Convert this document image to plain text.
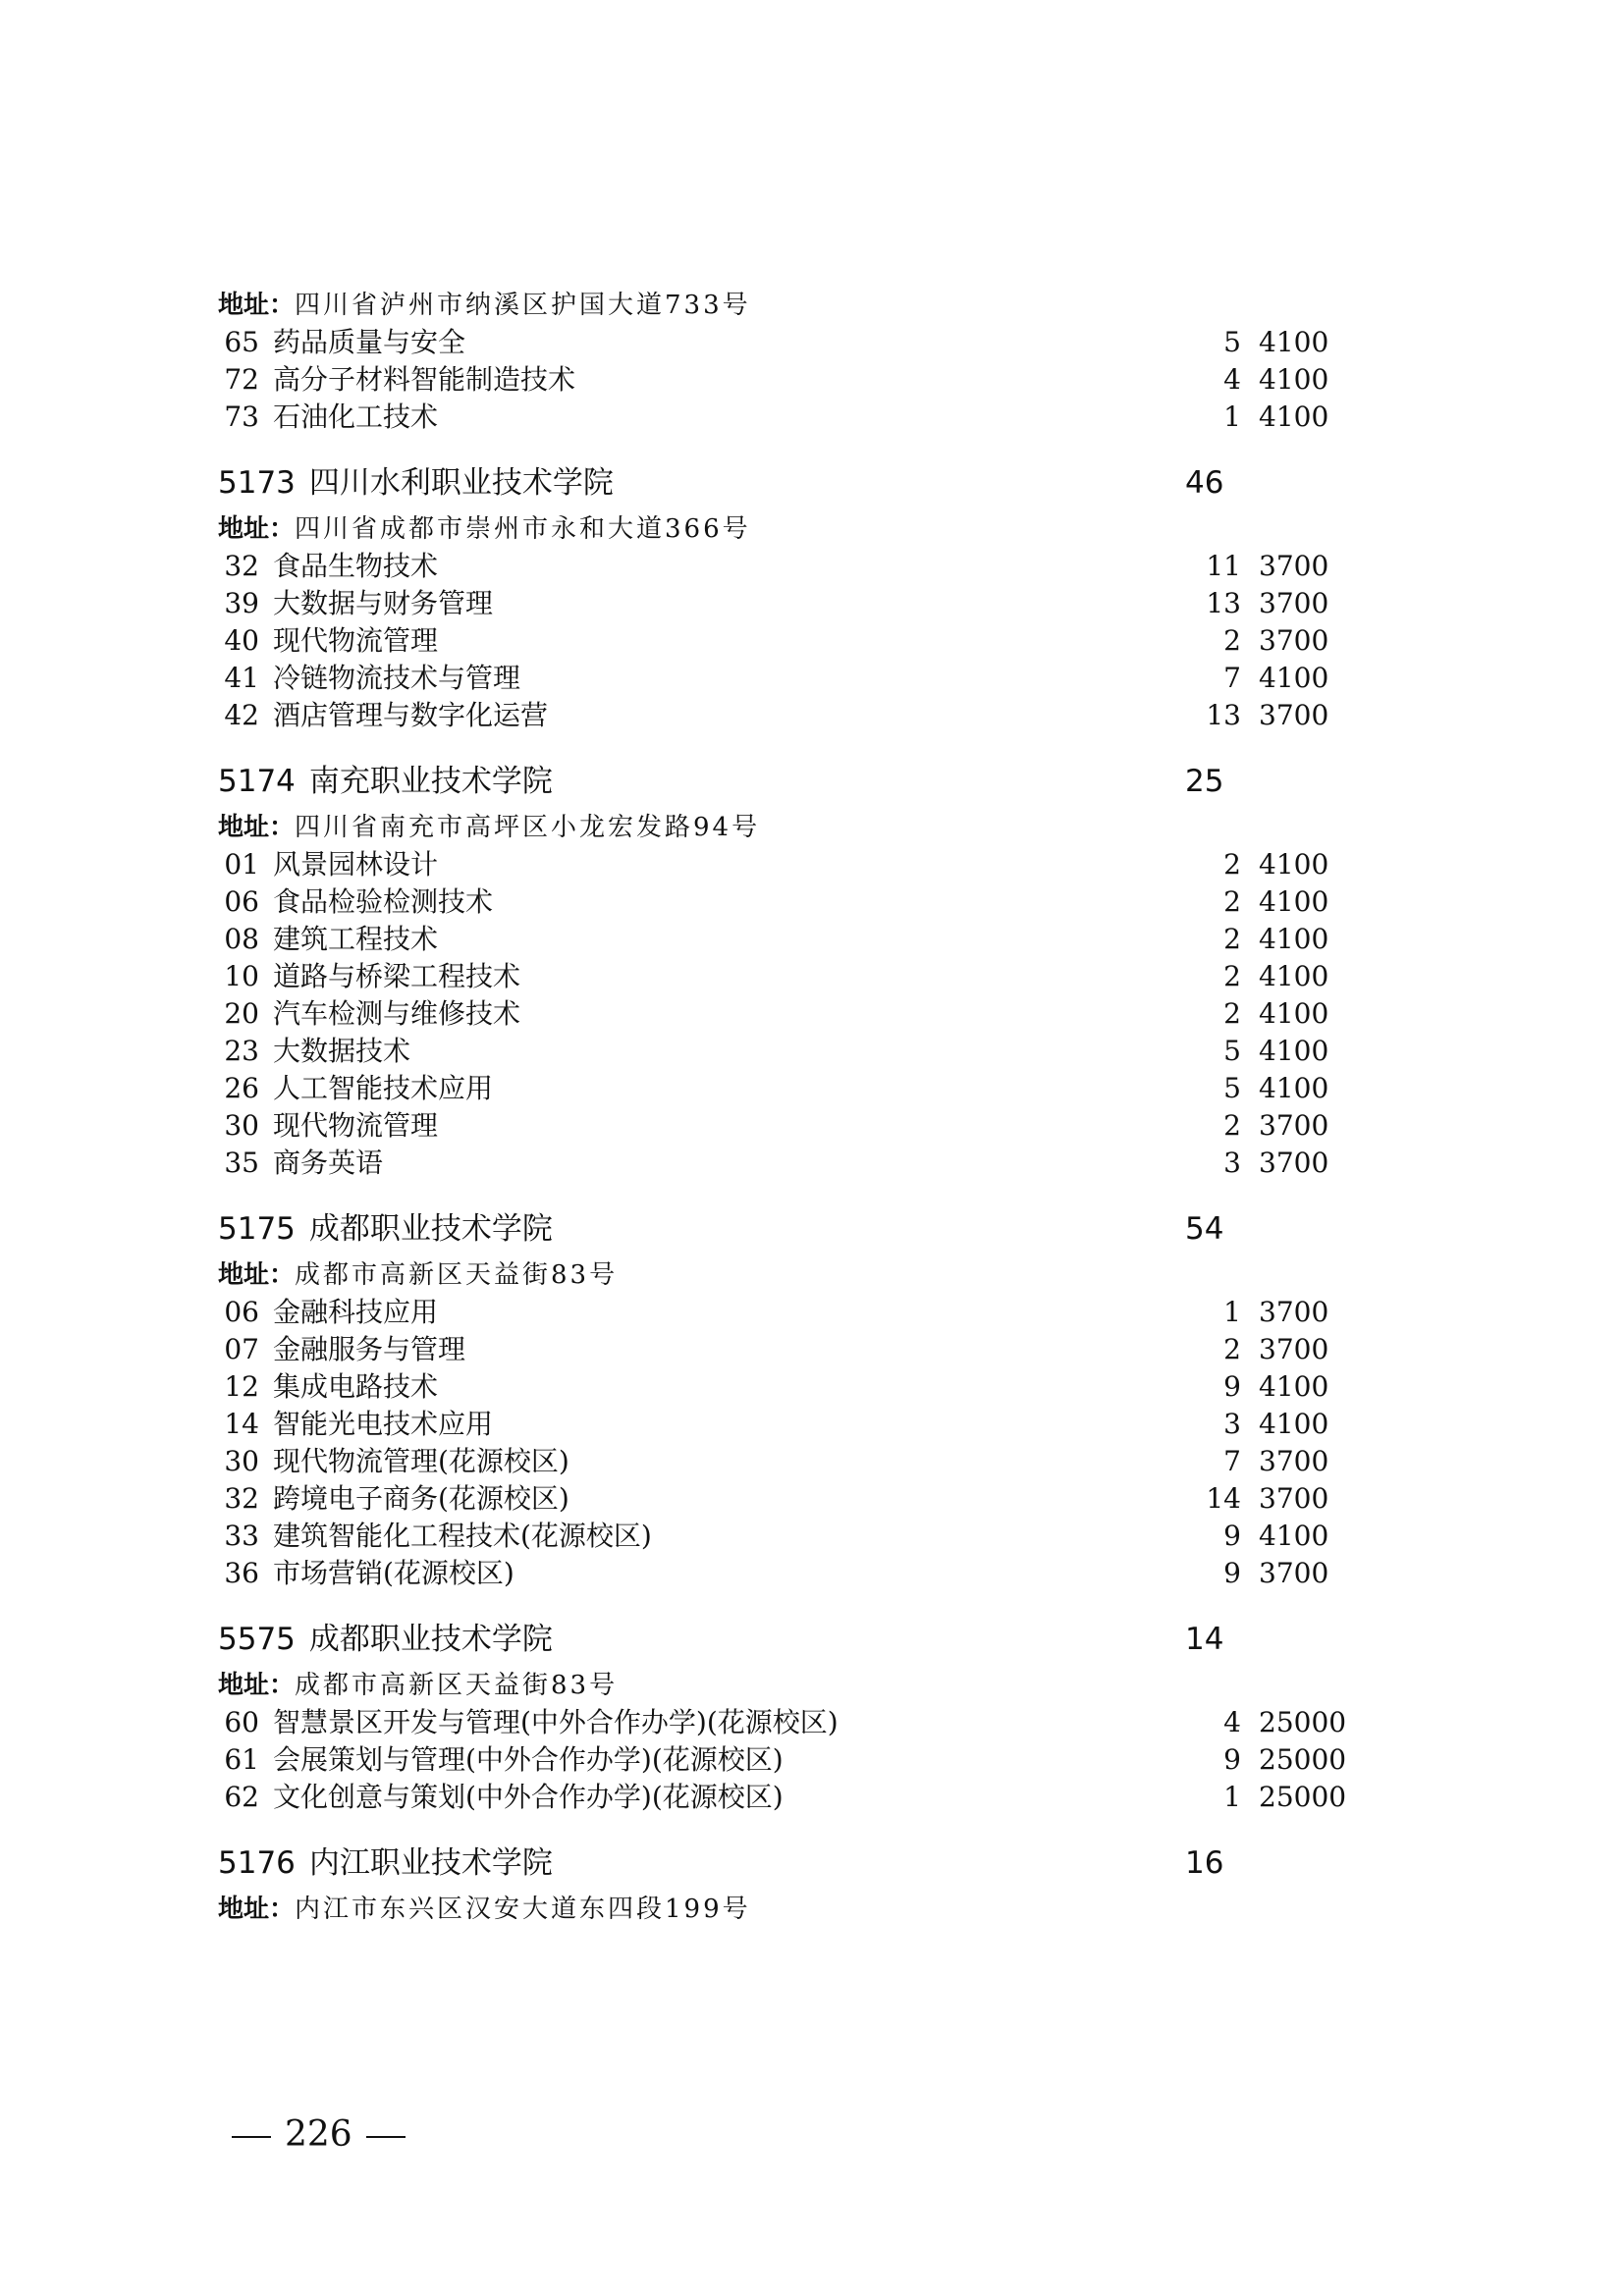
地址：四川省泸州市纳溪区护国大道733号
65 药品质量与安全	5 4100
72 高分子材料智能制造技术	4 4100
73 石油化工技术	1 4100
5173 四川水利职业技术学院	46
地址：四川省成都市崇州市永和大道366号
32 食品生物技术	11 3700
39 大数据与财务管理	13 3700
40 现代物流管理	2 3700
41 冷链物流技术与管理	7 4100
42 酒店管理与数字化运营	13 3700
5174 南充职业技术学院	25
地址：四川省南充市高坪区小龙宏发路94号
01 风景园林设计	2 4100
06 食品检验检测技术	2 4100
08 建筑工程技术	2 4100
10 道路与桥梁工程技术	2 4100
20 汽车检测与维修技术	2 4100
23 大数据技术	5 4100
26 人工智能技术应用	5 4100
30 现代物流管理	2 3700
35 商务英语	3 3700
5175 成都职业技术学院	54
地址：成都市高新区天益街83号
06 金融科技应用	1 3700
07 金融服务与管理	2 3700
12 集成电路技术	9 4100
14 智能光电技术应用	3 4100
30 现代物流管理(花源校区)	7 3700
32 跨境电子商务(花源校区)	14 3700
33 建筑智能化工程技术(花源校区)	9 4100
36 市场营销(花源校区)	9 3700
5575 成都职业技术学院	14
地址：成都市高新区天益街83号
60 智慧景区开发与管理(中外合作办学)(花源校区)	4 25000
61 会展策划与管理(中外合作办学)(花源校区)	9 25000
62 文化创意与策划(中外合作办学)(花源校区)	1 25000
5176 内江职业技术学院	16
地址：内江市东兴区汉安大道东四段199号
226
